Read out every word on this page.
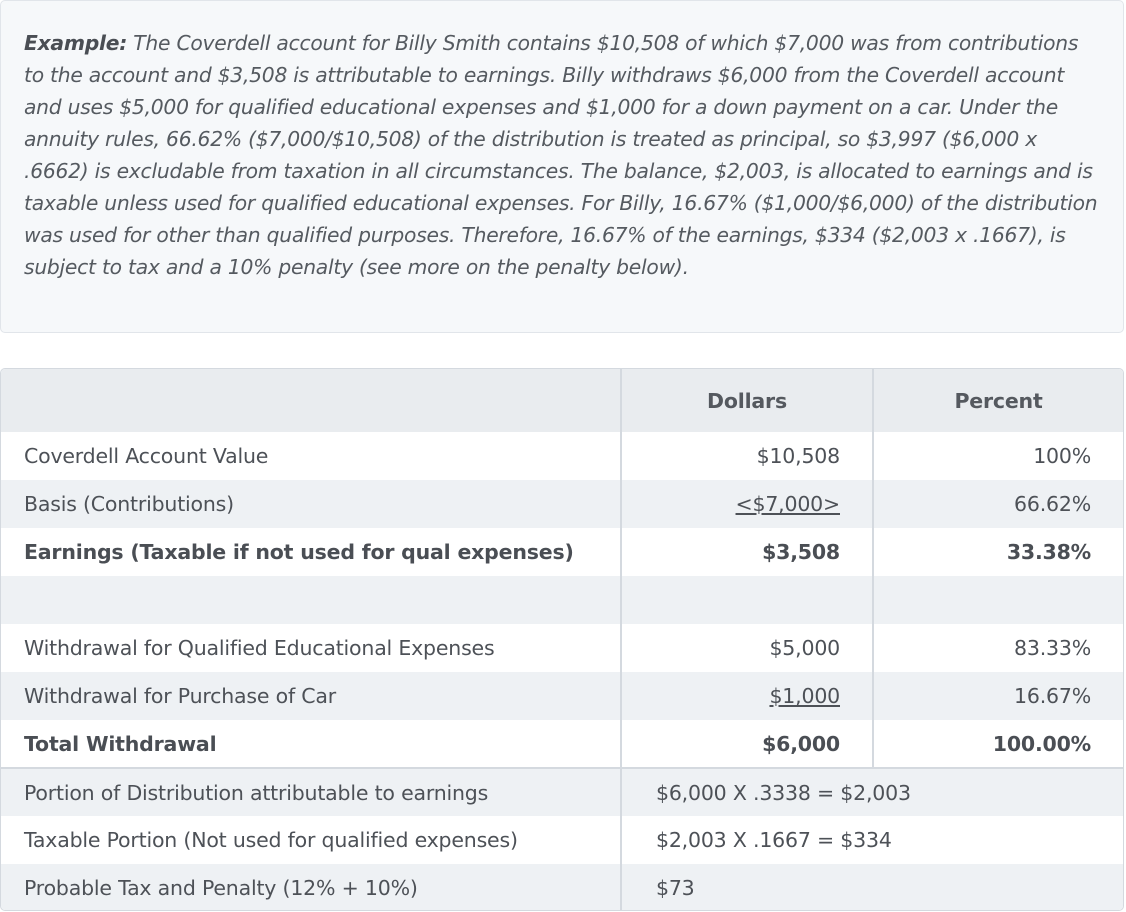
Example: The Coverdell account for Billy Smith contains $10,508 of which $7,000 was from contributions to the account and $3,508 is attributable to earnings. Billy withdraws $6,000 from the Coverdell account and uses $5,000 for qualified educational expenses and $1,000 for a down payment on a car. Under the annuity rules, 66.62% ($7,000/$10,508) of the distribution is treated as principal, so $3,997 ($6,000 x .6662) is excludable from taxation in all circumstances. The balance, $2,003, is allocated to earnings and is taxable unless used for qualified educational expenses. For Billy, 16.67% ($1,000/$6,000) of the distribution was used for other than qualified purposes. Therefore, 16.67% of the earnings, $334 ($2,003 x .1667), is subject to tax and a 10% penalty (see more on the penalty below).
	Dollars	Percent
Coverdell Account Value	$10,508	100%
Basis (Contributions)	<$7,000>	66.62%
Earnings (Taxable if not used for qual expenses)	$3,508	33.38%

Withdrawal for Qualified Educational Expenses	$5,000	83.33%
Withdrawal for Purchase of Car	$1,000	16.67%
Total Withdrawal	$6,000	100.00%
Portion of Distribution attributable to earnings	$6,000 X .3338 = $2,003	
Taxable Portion (Not used for qualified expenses)	$2,003 X .1667 = $334	
Probable Tax and Penalty (12% + 10%)	$73	
